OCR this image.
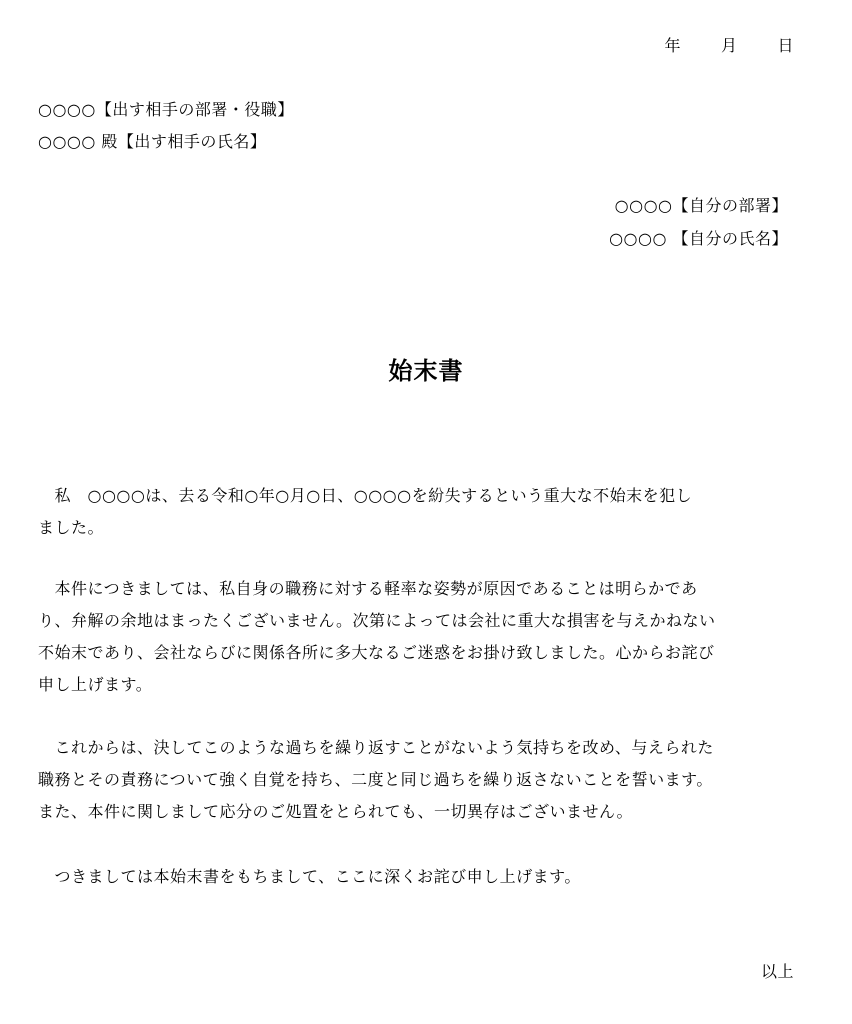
年	月	日
○○○○【出す相手の部署・役職】
○○○○ 殿【出す相手の氏名】
○○○○【自分の部署】
○○○○ 【自分の氏名】
始末書
　私　○○○○は、去る令和○年○月○日、○○○○を紛失するという重大な不始末を犯し
ました。
　本件につきましては、私自身の職務に対する軽率な姿勢が原因であることは明らかであ
り、弁解の余地はまったくございません。次第によっては会社に重大な損害を与えかねない
不始末であり、会社ならびに関係各所に多大なるご迷惑をお掛け致しました。心からお詫び
申し上げます。
　これからは、決してこのような過ちを繰り返すことがないよう気持ちを改め、与えられた
職務とその責務について強く自覚を持ち、二度と同じ過ちを繰り返さないことを誓います。
また、本件に関しまして応分のご処置をとられても、一切異存はございません。
　つきましては本始末書をもちまして、ここに深くお詫び申し上げます。
以上
